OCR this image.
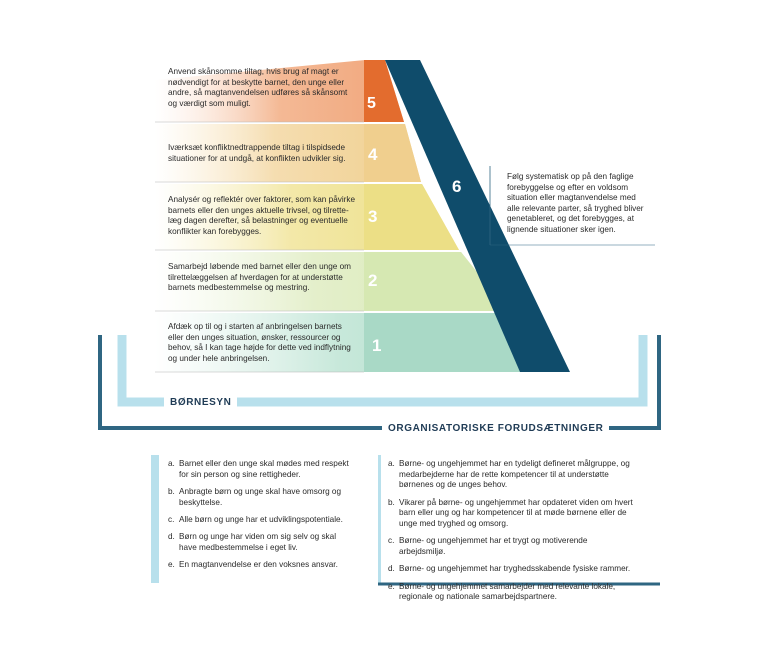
1
2
3
4
5
6
Anvend skånsomme tiltag, hvis brug af magt er nødvendigt for at beskytte barnet, den unge eller andre, så magtanvendelsen udføres så skånsomt og værdigt som muligt.
Iværksæt konfliktnedtrappende tiltag i tilspidsede situationer for at undgå, at konflikten udvikler sig.
Analysér og reflektér over faktorer, som kan påvirke barnets eller den unges aktuelle trivsel, og tilrette-læg dagen derefter, så belastninger og eventuelle konflikter kan forebygges.
Samarbejd løbende med barnet eller den unge om tilrettelæggelsen af hverdagen for at understøtte barnets medbestemmelse og mestring.
Afdæk op til og i starten af anbringelsen barnets eller den unges situation, ønsker, ressourcer og behov, så I kan tage højde for dette ved indflytning og under hele anbringelsen.
Følg systematisk op på den faglige forebyggelse og efter en voldsom situation eller magtanvendelse med alle relevante parter, så tryghed bliver genetableret, og det forebygges, at lignende situationer sker igen.
BØRNESYN
ORGANISATORISKE FORUDSÆTNINGER
a. Barnet eller den unge skal mødes med respekt for sin person og sine rettigheder.
b. Anbragte børn og unge skal have omsorg og beskyttelse.
c. Alle børn og unge har et udviklingspotentiale.
d. Børn og unge har viden om sig selv og skal have medbestemmelse i eget liv.
e. En magtanvendelse er den voksnes ansvar.
a. Børne- og ungehjemmet har en tydeligt defineret målgruppe, og medarbejderne har de rette kompetencer til at understøtte børnenes og de unges behov.
b. Vikarer på børne- og ungehjemmet har opdateret viden om hvert barn eller ung og har kompetencer til at møde børnene eller de unge med tryghed og omsorg.
c. Børne- og ungehjemmet har et trygt og motiverende arbejdsmiljø.
d. Børne- og ungehjemmet har tryghedsskabende fysiske rammer.
e. Børne- og ungehjemmet samarbejder med relevante lokale, regionale og nationale samarbejdspartnere.
